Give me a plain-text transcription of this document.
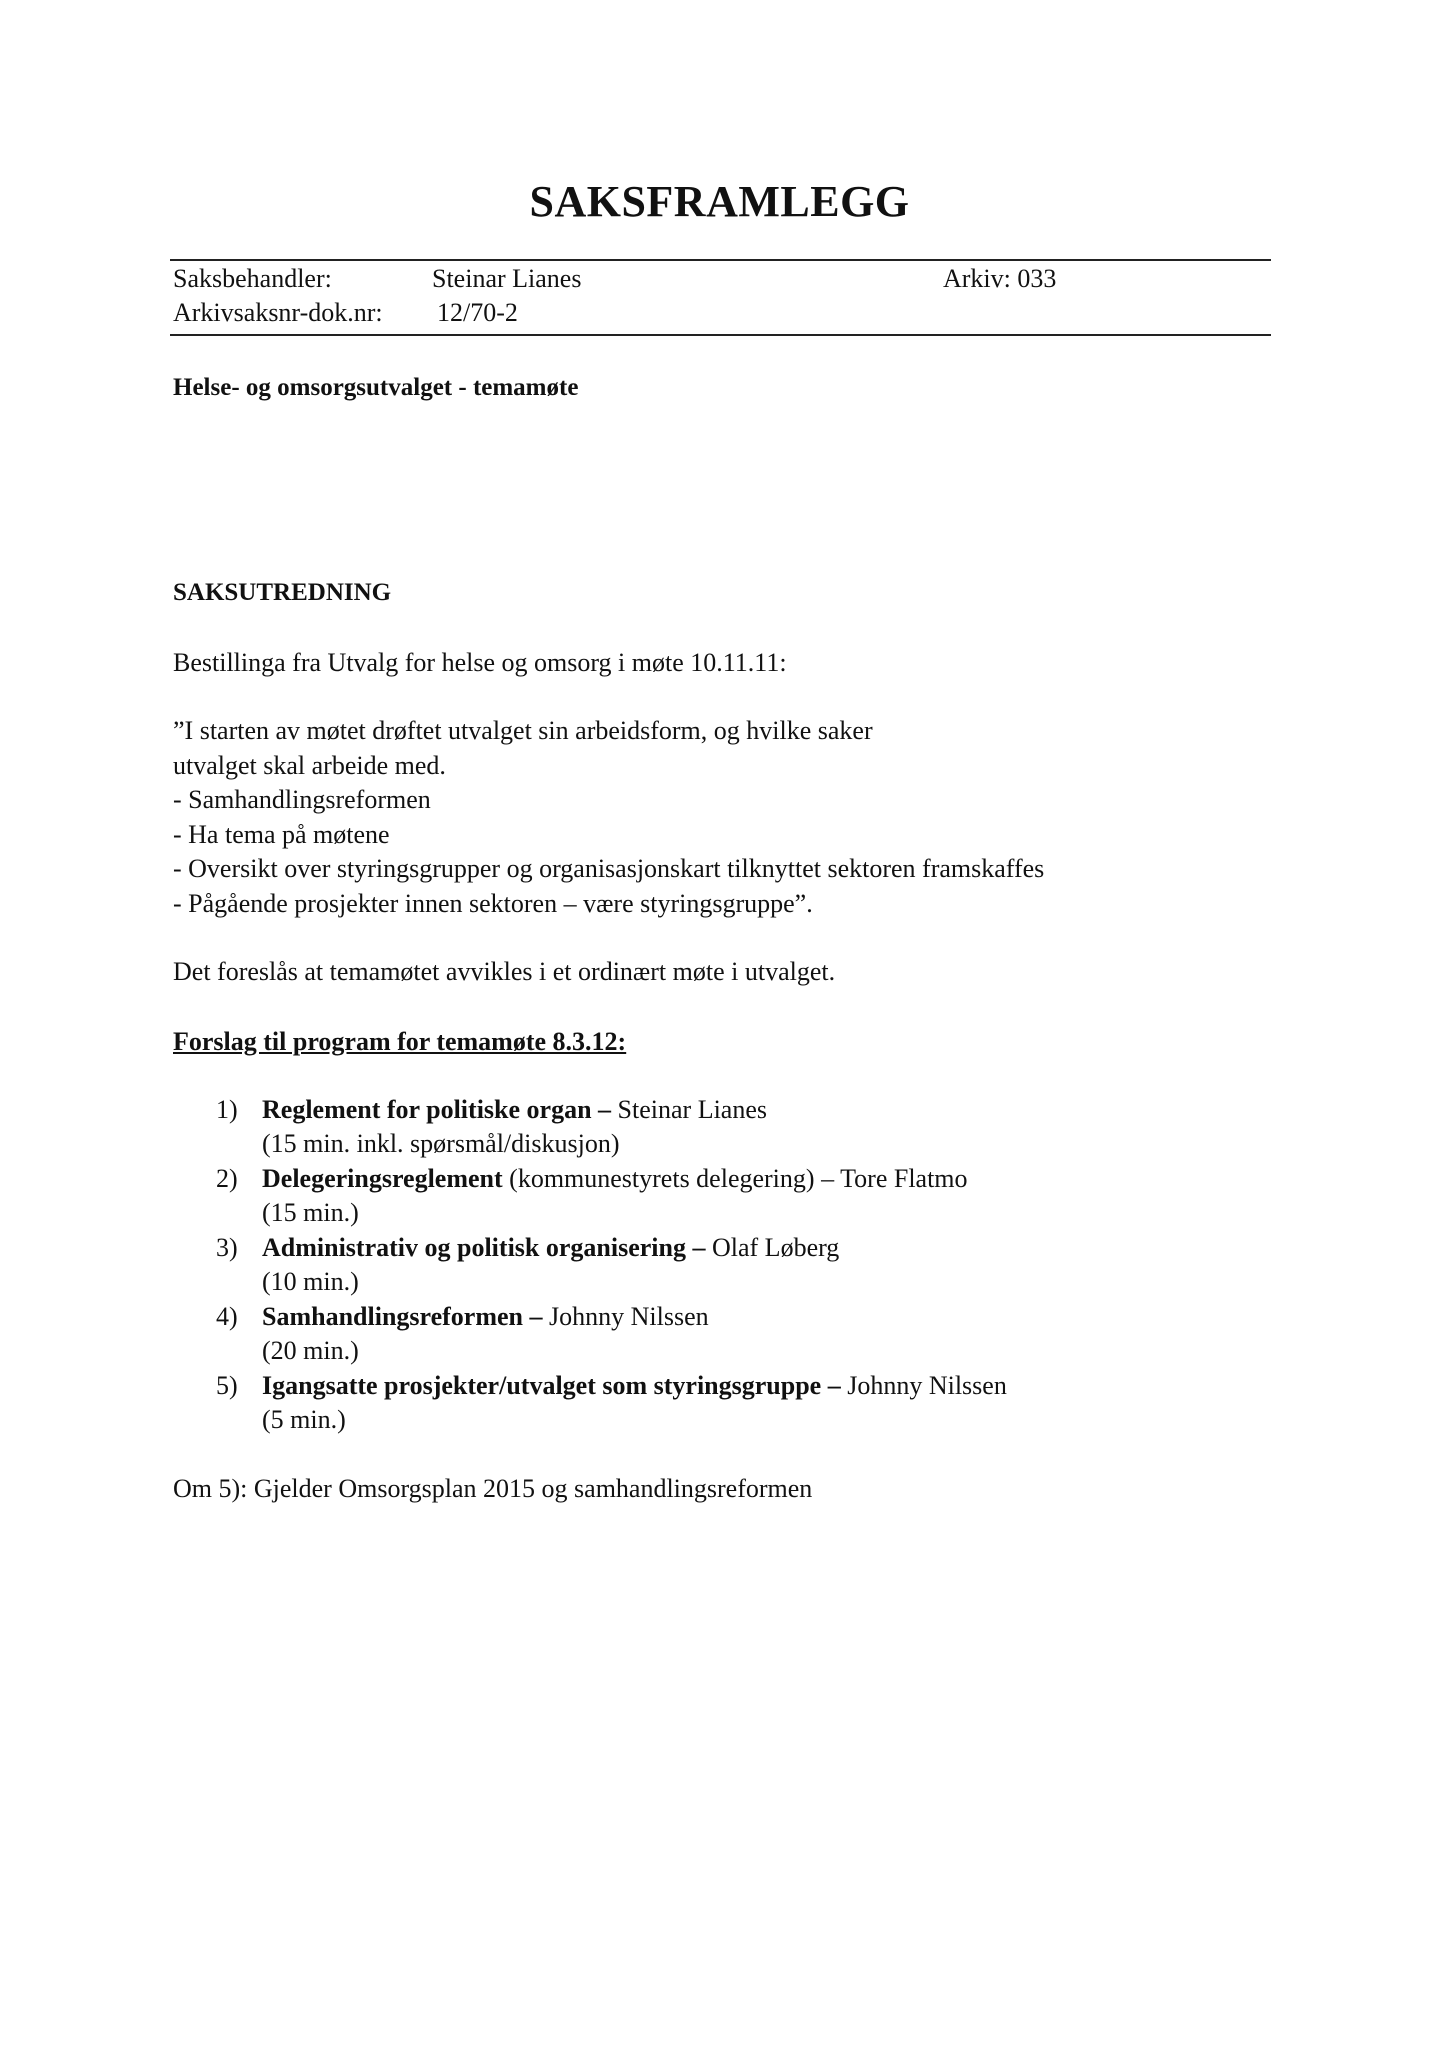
SAKSFRAMLEGG
Saksbehandler:	Steinar Lianes	Arkiv: 033
Arkivsaksnr-dok.nr: 12/70-2
Helse- og omsorgsutvalget - temamøte
SAKSUTREDNING
Bestillinga fra Utvalg for helse og omsorg i møte 10.11.11:
”I starten av møtet drøftet utvalget sin arbeidsform, og hvilke saker
utvalget skal arbeide med.
- Samhandlingsreformen
- Ha tema på møtene
- Oversikt over styringsgrupper og organisasjonskart tilknyttet sektoren framskaffes
- Pågående prosjekter innen sektoren – være styringsgruppe”.
Det foreslås at temamøtet avvikles i et ordinært møte i utvalget.
Forslag til program for temamøte 8.3.12:
1) Reglement for politiske organ – Steinar Lianes
(15 min. inkl. spørsmål/diskusjon)
2) Delegeringsreglement (kommunestyrets delegering) – Tore Flatmo
(15 min.)
3) Administrativ og politisk organisering – Olaf Løberg
(10 min.)
4) Samhandlingsreformen – Johnny Nilssen
(20 min.)
5) Igangsatte prosjekter/utvalget som styringsgruppe – Johnny Nilssen
(5 min.)
Om 5): Gjelder Omsorgsplan 2015 og samhandlingsreformen
